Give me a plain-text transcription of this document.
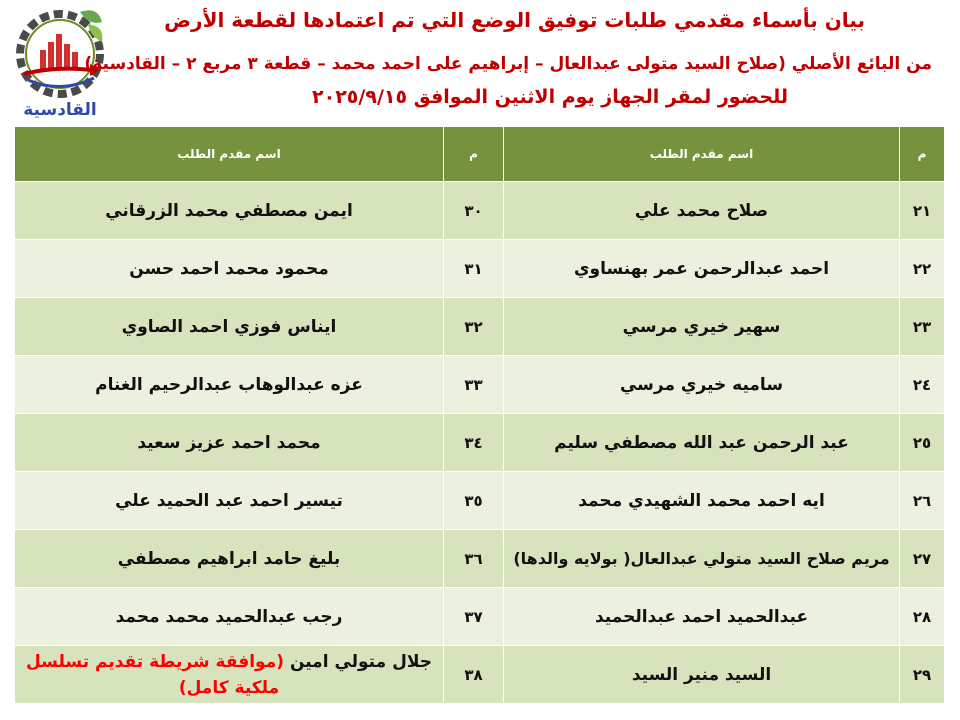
القادسية
بيان بأسماء مقدمي طلبات توفيق الوضع التي تم اعتمادها لقطعة الأرض
من البائع الأصلي (صلاح السيد متولى عبدالعال – إبراهيم على احمد محمد – قطعة ٣ مربع ٢ – القادسية)
للحضور لمقر الجهاز يوم الاثنين الموافق ٢٠٢٥/٩/١٥
م	اسم مقدم الطلب	م	اسم مقدم الطلب
٢١	صلاح محمد علي	٣٠	ايمن مصطفي محمد الزرقاني
٢٢	احمد عبدالرحمن عمر بهنساوي	٣١	محمود محمد احمد حسن
٢٣	سهير خيري مرسي	٣٢	ايناس فوزي احمد الصاوي
٢٤	ساميه خيري مرسي	٣٣	عزه عبدالوهاب عبدالرحيم الغنام
٢٥	عبد الرحمن عبد الله مصطفي سليم	٣٤	محمد احمد عزيز سعيد
٢٦	ايه احمد محمد الشهيدي محمد	٣٥	تيسير احمد عبد الحميد علي
٢٧	مريم صلاح السيد متولي عبدالعال( بولايه والدها)	٣٦	بليغ حامد ابراهيم مصطفي
٢٨	عبدالحميد احمد عبدالحميد	٣٧	رجب عبدالحميد محمد محمد
٢٩	السيد منير السيد	٣٨	جلال متولي امين (موافقة شريطة تقديم تسلسل ملكية كامل)
